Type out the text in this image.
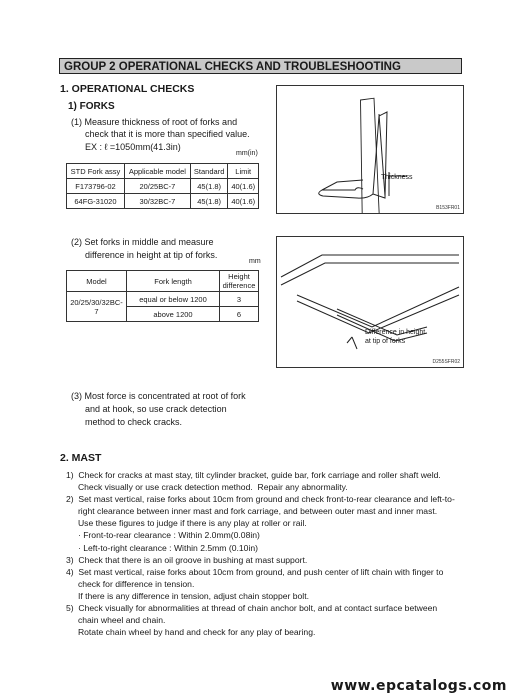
GROUP 2 OPERATIONAL CHECKS AND TROUBLESHOOTING
1. OPERATIONAL CHECKS
1) FORKS
(1) Measure thickness of root of forks and
check that it is more than specified value.
EX : ℓ =1050mm(41.3in)
mm(in)
STD Fork assy	Applicable model	Standard	Limit
F173796-02	20/25BC-7	45(1.8)	40(1.6)
64FG-31020	30/32BC-7	45(1.8)	40(1.6)
Thickness
B153FR01
(2) Set forks in middle and measure
difference in height at tip of forks.
mm
Model	Fork length	Height difference
20/25/30/32BC-7	equal or below 1200	3
	above 1200	6
Difference in height
at tip of forks
D255SFR02
(3) Most force is concentrated at root of fork
and at hook, so use crack detection
method to check cracks.
2. MAST

1)  Check for cracks at mast stay, tilt cylinder bracket, guide bar, fork carriage and roller shaft weld.

Check visually or use crack detection method.  Repair any abnormality.

2)  Set mast vertical, raise forks about 10cm from ground and check front-to-rear clearance and left-to-

right clearance between inner mast and fork carriage, and between outer mast and inner mast.

Use these figures to judge if there is any play at roller or rail.

· Front-to-rear clearance : Within 2.0mm(0.08in)

· Left-to-right clearance : Within 2.5mm (0.10in)

3)  Check that there is an oil groove in bushing at mast support.

4)  Set mast vertical, raise forks about 10cm from ground, and push center of lift chain with finger to

check for difference in tension.

If there is any difference in tension, adjust chain stopper bolt.

5)  Check visually for abnormalities at thread of chain anchor bolt, and at contact surface between

chain wheel and chain.

Rotate chain wheel by hand and check for any play of bearing.

www.epcatalogs.com
